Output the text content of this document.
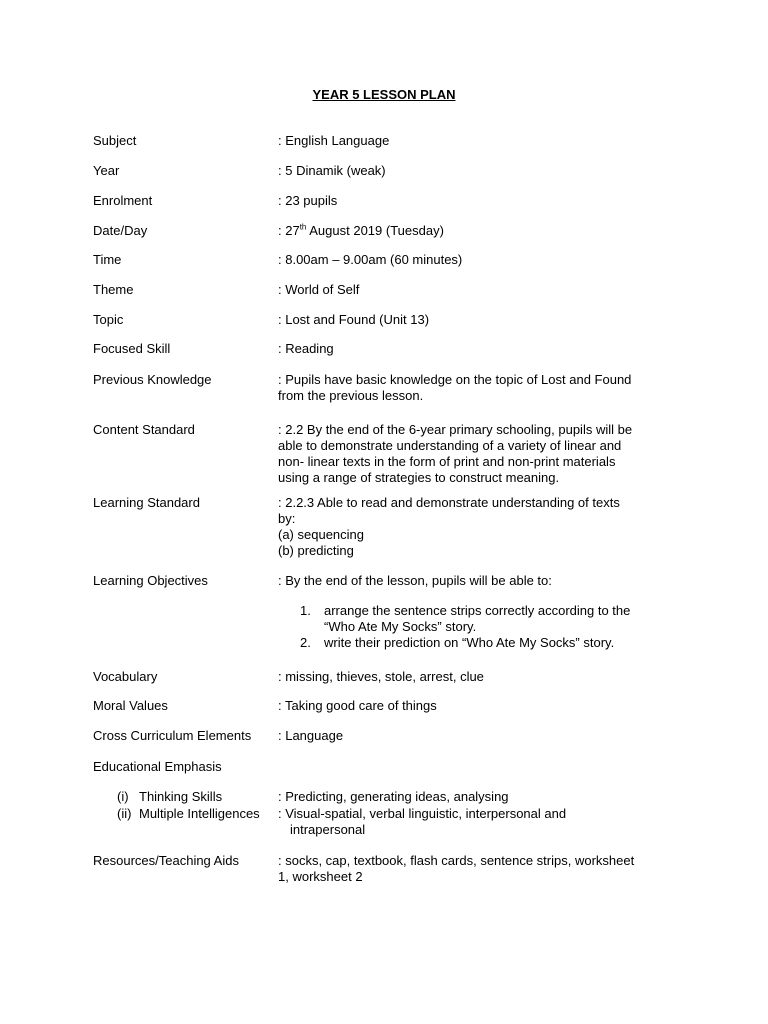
YEAR 5 LESSON PLAN
Subject	: English Language
Year	: 5 Dinamik (weak)
Enrolment	: 23 pupils
Date/Day	: 27th August 2019 (Tuesday)
Time	: 8.00am – 9.00am (60 minutes)
Theme	: World of Self
Topic	: Lost and Found (Unit 13)
Focused Skill	: Reading
Previous Knowledge	: Pupils have basic knowledge on the topic of Lost and Found
from the previous lesson.
Content Standard	: 2.2 By the end of the 6-year primary schooling, pupils will be
able to demonstrate understanding of a variety of linear and
non- linear texts in the form of print and non-print materials
using a range of strategies to construct meaning.
Learning Standard	: 2.2.3 Able to read and demonstrate understanding of texts
by:
(a) sequencing
(b) predicting
Learning Objectives	: By the end of the lesson, pupils will be able to:
1. arrange the sentence strips correctly according to the
“Who Ate My Socks” story.
2. write their prediction on “Who Ate My Socks” story.
Vocabulary	: missing, thieves, stole, arrest, clue
Moral Values	: Taking good care of things
Cross Curriculum Elements : Language
Educational Emphasis
(i) Thinking Skills	: Predicting, generating ideas, analysing
(ii) Multiple Intelligences : Visual-spatial, verbal linguistic, interpersonal and
intrapersonal
Resources/Teaching Aids	: socks, cap, textbook, flash cards, sentence strips, worksheet
1, worksheet 2
